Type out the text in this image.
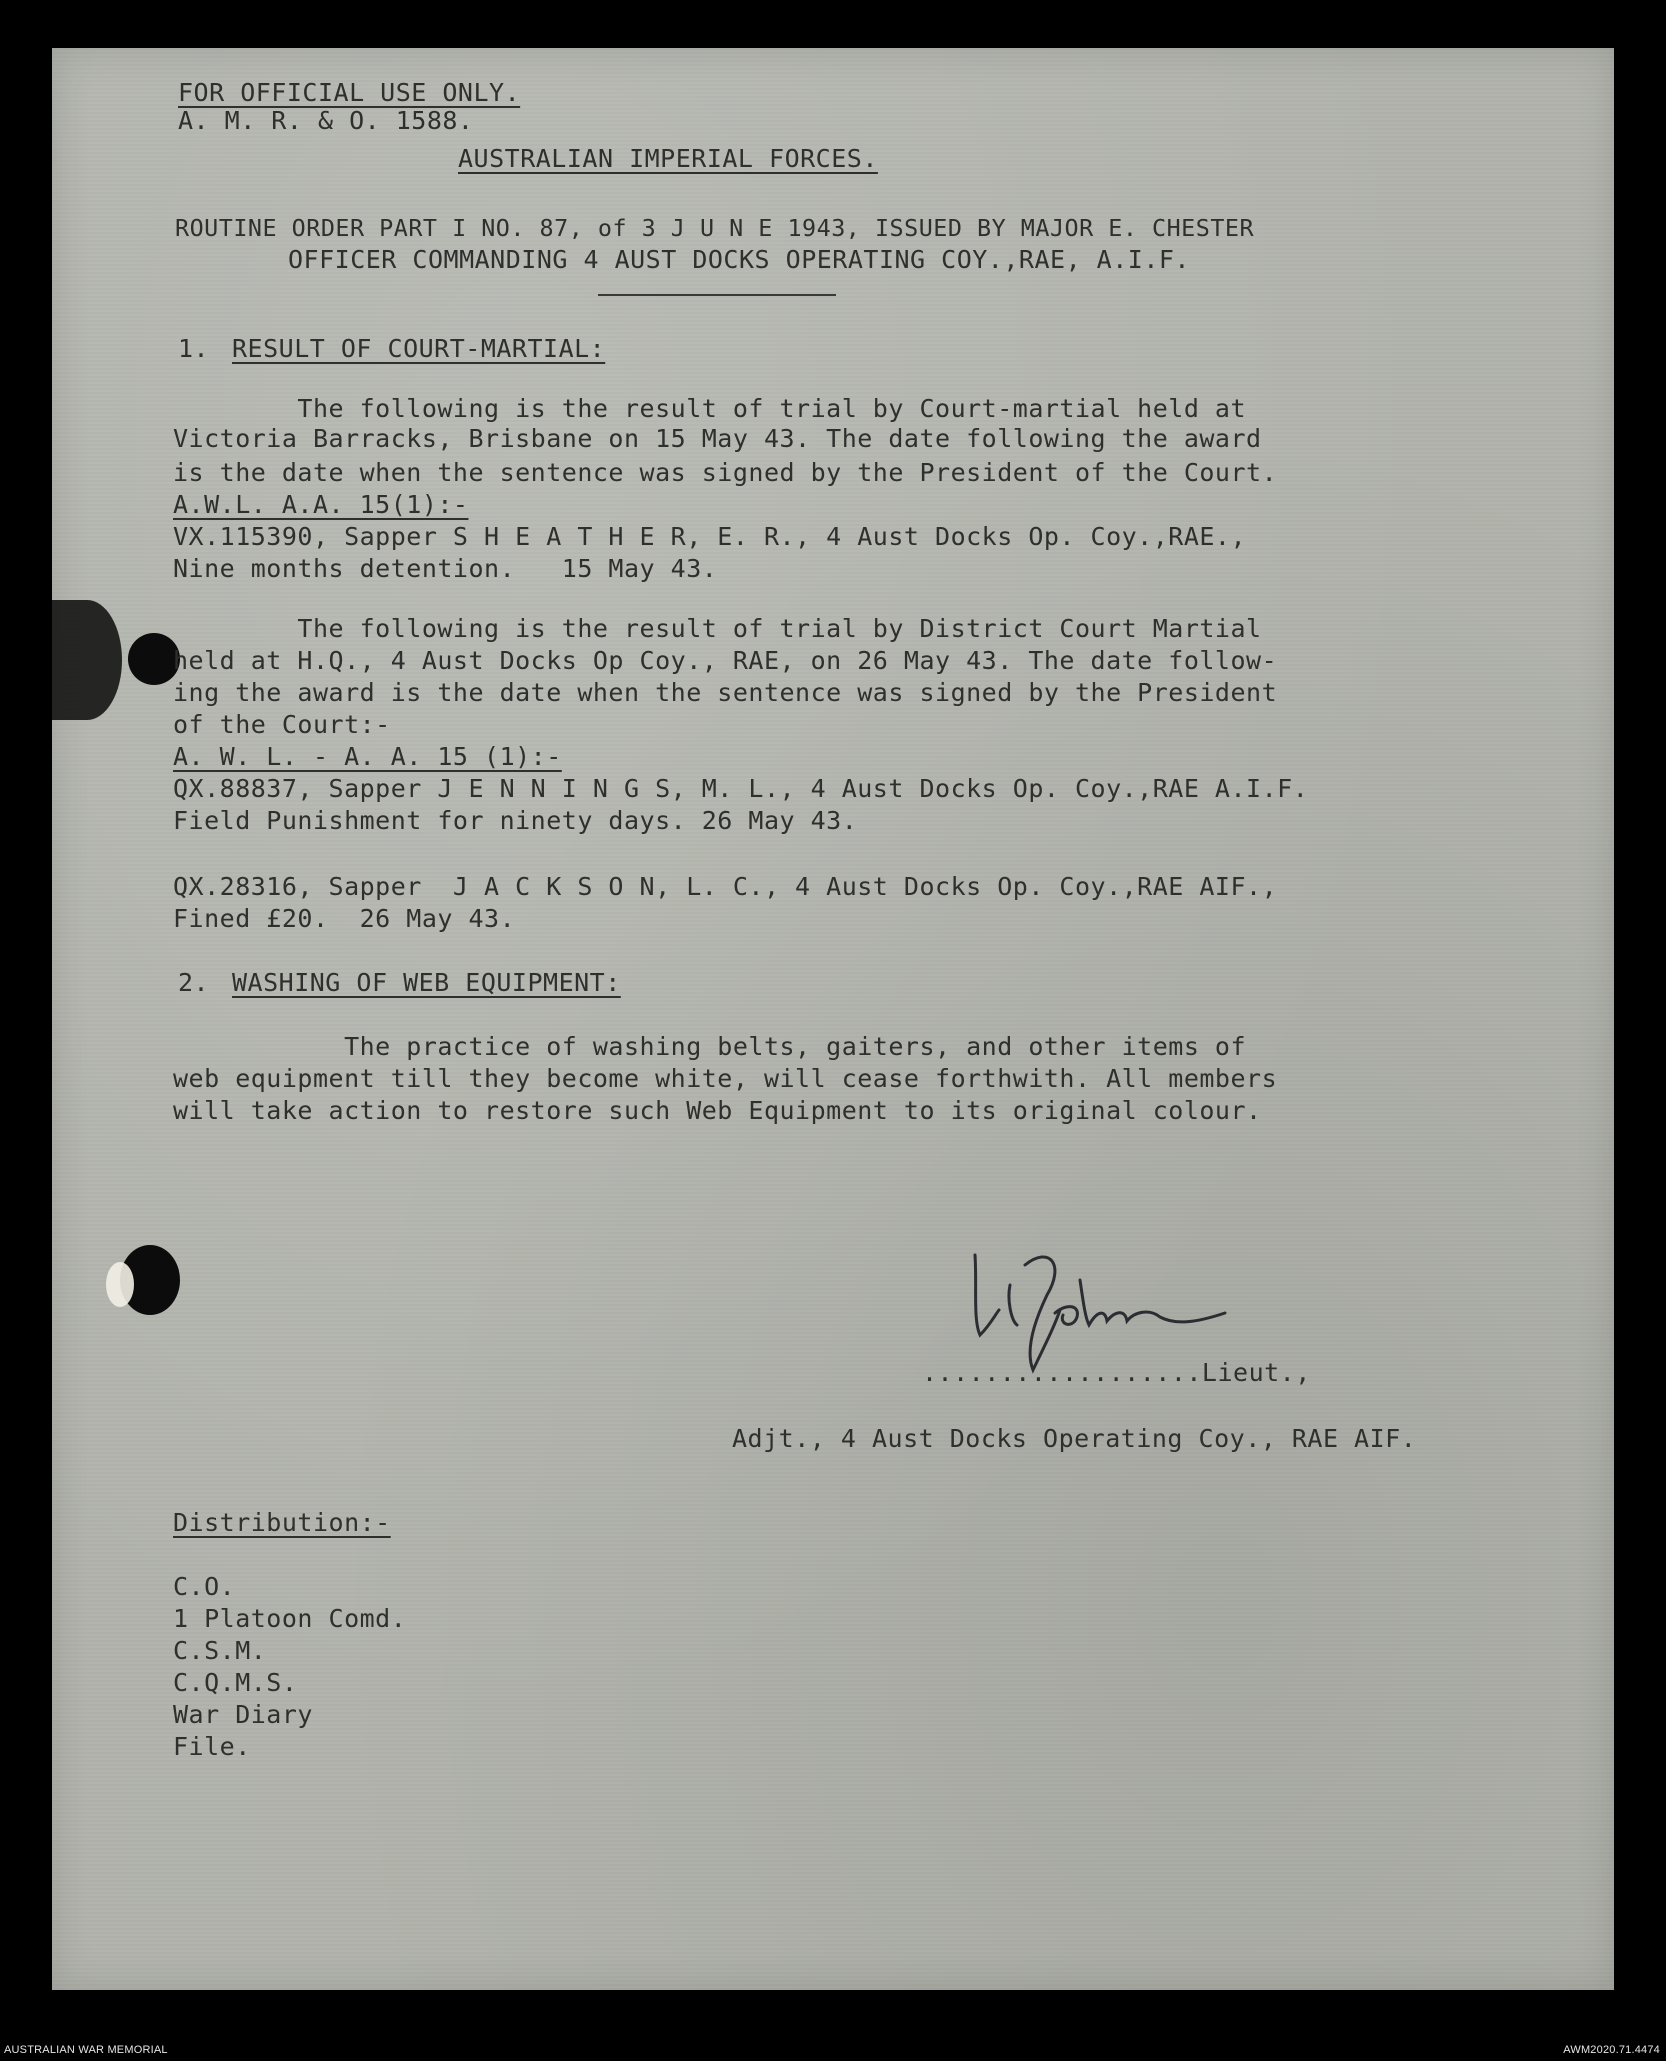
FOR OFFICIAL USE ONLY.
A. M. R. & O. 1588.
AUSTRALIAN IMPERIAL FORCES.
ROUTINE ORDER PART I NO. 87, of 3 J U N E 1943, ISSUED BY MAJOR E. CHESTER
OFFICER COMMANDING 4 AUST DOCKS OPERATING COY.,RAE, A.I.F.
1. RESULT OF COURT-MARTIAL:
The following is the result of trial by Court-martial held at
Victoria Barracks, Brisbane on 15 May 43. The date following the award
is the date when the sentence was signed by the President of the Court.
A.W.L. A.A. 15(1):-
VX.115390, Sapper S H E A T H E R, E. R., 4 Aust Docks Op. Coy.,RAE.,
Nine months detention.   15 May 43.
The following is the result of trial by District Court Martial
held at H.Q., 4 Aust Docks Op Coy., RAE, on 26 May 43. The date follow-
ing the award is the date when the sentence was signed by the President
of the Court:-
A. W. L. - A. A. 15 (1):-
QX.88837, Sapper J E N N I N G S, M. L., 4 Aust Docks Op. Coy.,RAE A.I.F.
Field Punishment for ninety days. 26 May 43.
QX.28316, Sapper  J A C K S O N, L. C., 4 Aust Docks Op. Coy.,RAE AIF.,
Fined £20.  26 May 43.
2. WASHING OF WEB EQUIPMENT:
The practice of washing belts, gaiters, and other items of
web equipment till they become white, will cease forthwith. All members
will take action to restore such Web Equipment to its original colour.
..................Lieut.,
Adjt., 4 Aust Docks Operating Coy., RAE AIF.
Distribution:-
C.O.
1 Platoon Comd.
C.S.M.
C.Q.M.S.
War Diary
File.
AUSTRALIAN WAR MEMORIAL	AWM2020.71.4474
